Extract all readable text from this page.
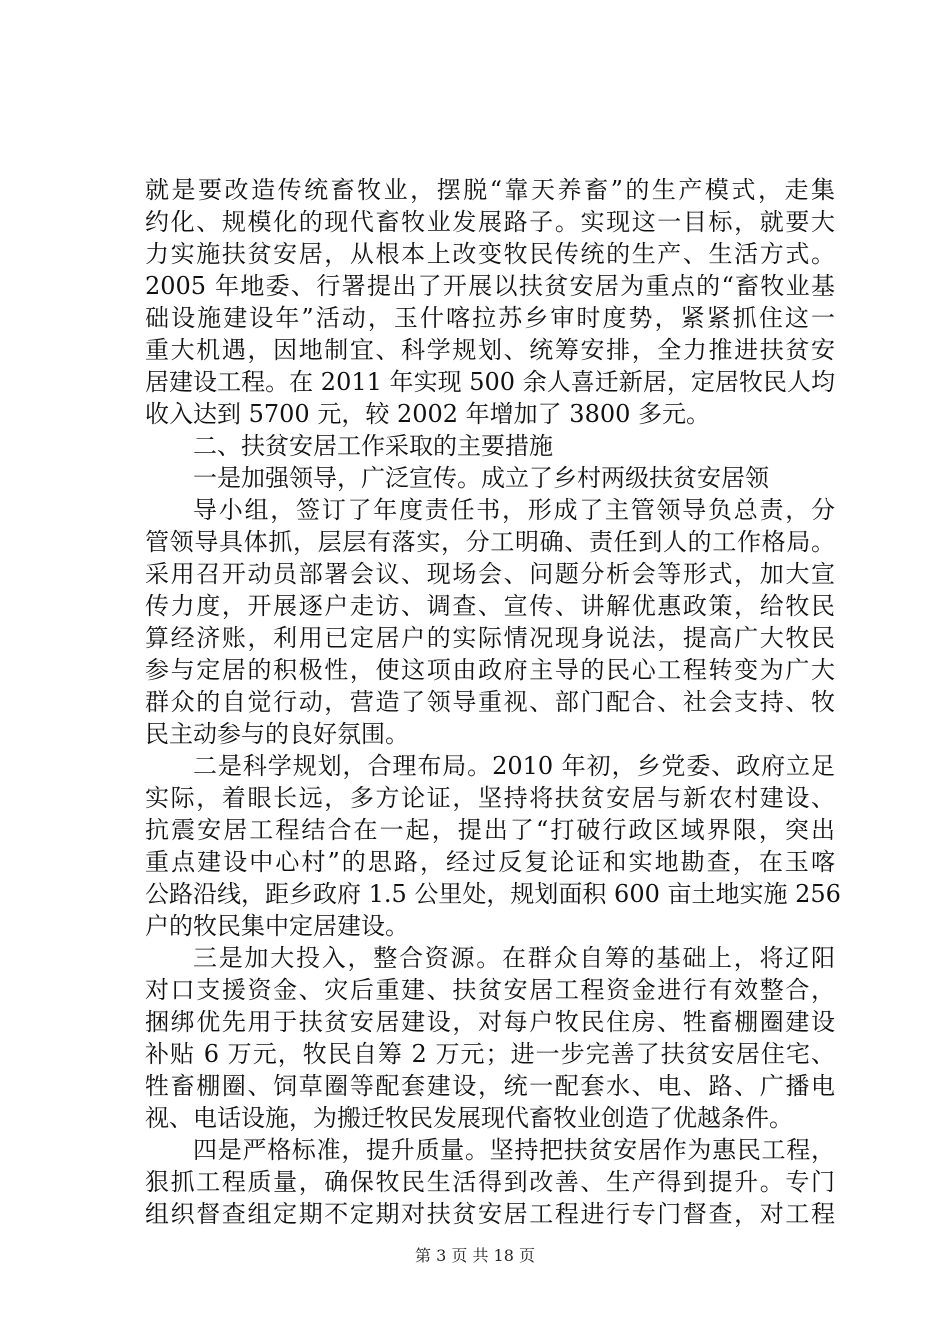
就是要改造传统畜牧业，摆脱“靠天养畜”的生产模式，走集
约化、规模化的现代畜牧业发展路子。实现这一目标，就要大
力实施扶贫安居，从根本上改变牧民传统的生产、生活方式。
2005 年地委、行署提出了开展以扶贫安居为重点的“畜牧业基
础设施建设年”活动，玉什喀拉苏乡审时度势，紧紧抓住这一
重大机遇，因地制宜、科学规划、统筹安排，全力推进扶贫安
居建设工程。在 2011 年实现 500 余人喜迁新居，定居牧民人均
收入达到 5700 元，较 2002 年增加了 3800 多元。
二、扶贫安居工作采取的主要措施
一是加强领导，广泛宣传。成立了乡村两级扶贫安居领
导小组，签订了年度责任书，形成了主管领导负总责，分
管领导具体抓，层层有落实，分工明确、责任到人的工作格局。
采用召开动员部署会议、现场会、问题分析会等形式，加大宣
传力度，开展逐户走访、调查、宣传、讲解优惠政策，给牧民
算经济账，利用已定居户的实际情况现身说法，提高广大牧民
参与定居的积极性，使这项由政府主导的民心工程转变为广大
群众的自觉行动，营造了领导重视、部门配合、社会支持、牧
民主动参与的良好氛围。
二是科学规划，合理布局。2010 年初，乡党委、政府立足
实际，着眼长远，多方论证，坚持将扶贫安居与新农村建设、
抗震安居工程结合在一起，提出了“打破行政区域界限，突出
重点建设中心村”的思路，经过反复论证和实地勘查，在玉喀
公路沿线，距乡政府 1.5 公里处，规划面积 600 亩土地实施 256
户的牧民集中定居建设。
三是加大投入，整合资源。在群众自筹的基础上，将辽阳
对口支援资金、灾后重建、扶贫安居工程资金进行有效整合，
捆绑优先用于扶贫安居建设，对每户牧民住房、牲畜棚圈建设
补贴 6 万元，牧民自筹 2 万元；进一步完善了扶贫安居住宅、
牲畜棚圈、饲草圈等配套建设，统一配套水、电、路、广播电
视、电话设施，为搬迁牧民发展现代畜牧业创造了优越条件。
四是严格标准，提升质量。坚持把扶贫安居作为惠民工程，
狠抓工程质量，确保牧民生活得到改善、生产得到提升。专门
组织督查组定期不定期对扶贫安居工程进行专门督查，对工程
第 3 页 共 18 页
